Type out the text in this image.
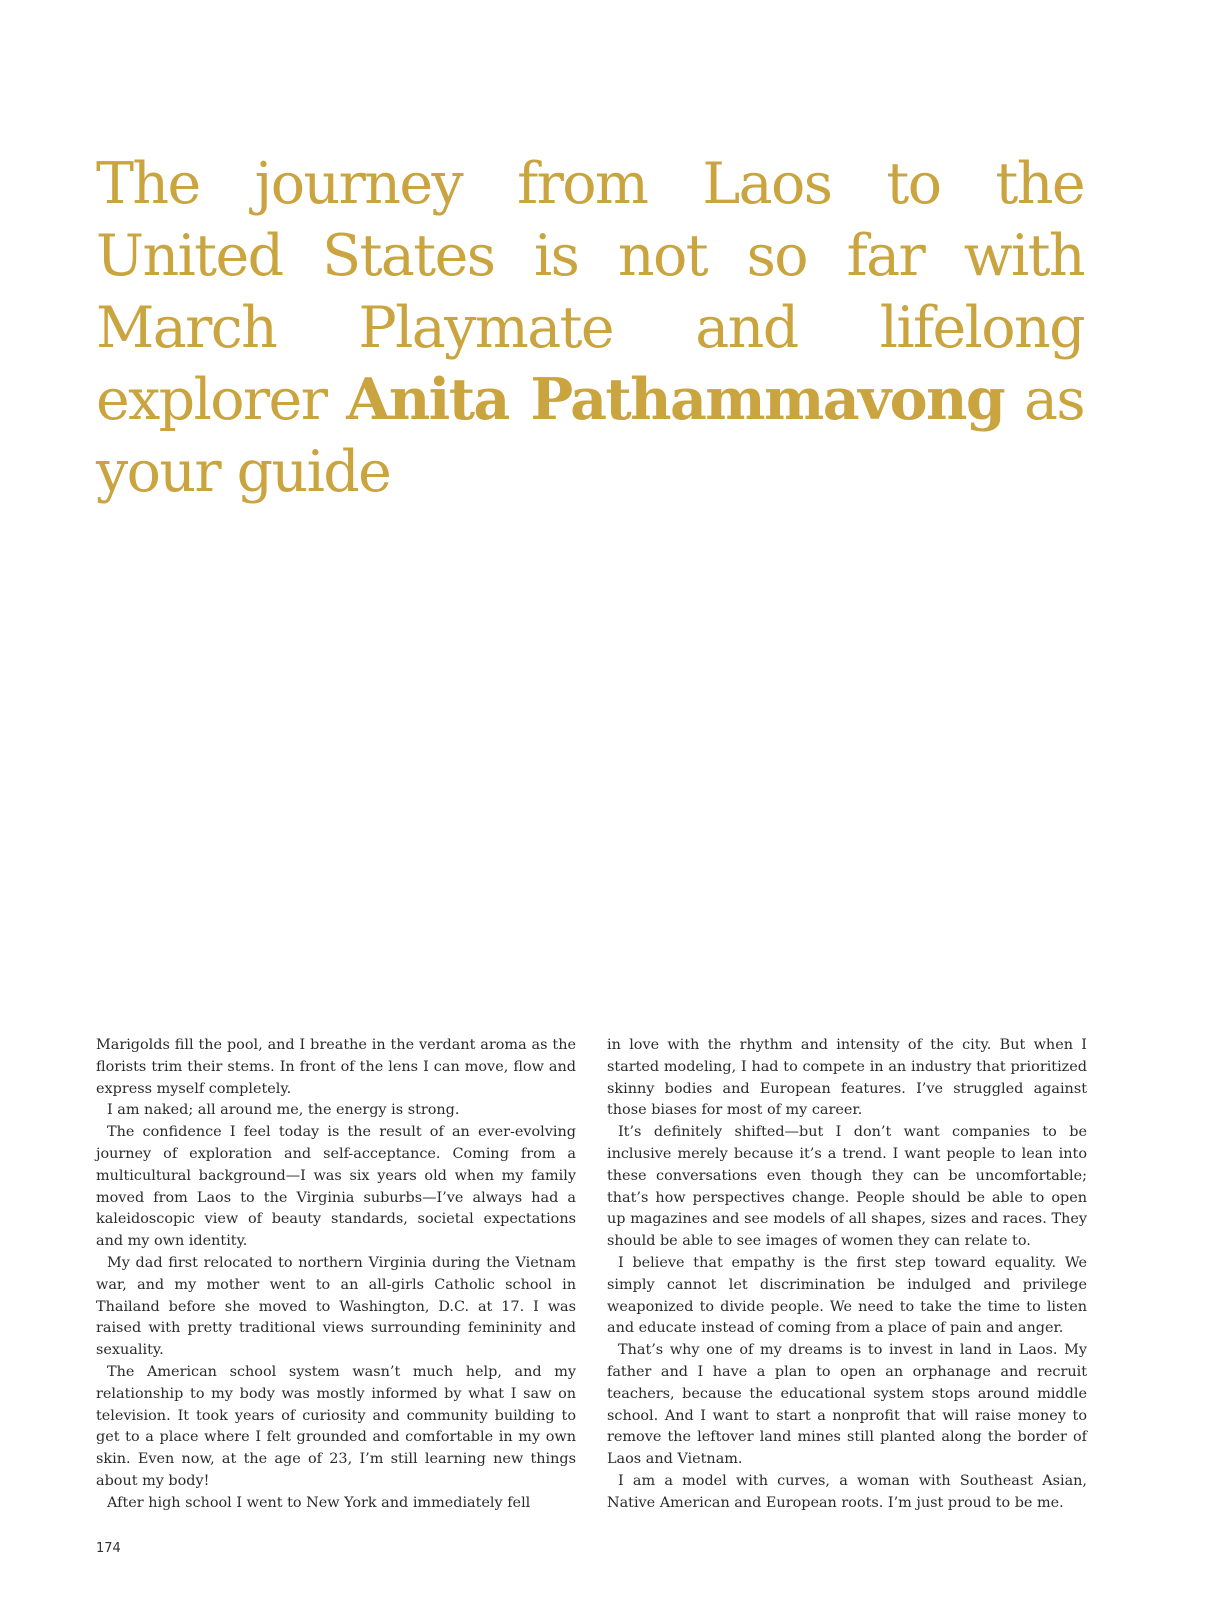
The journey from Laos to the United States is not so far with March Playmate and lifelong explorer Anita Pathammavong as your guide

Marigolds fill the pool, and I breathe in the verdant aroma as the florists trim their stems. In front of the lens I can move, flow and express myself completely.

I am naked; all around me, the energy is strong.

The confidence I feel today is the result of an ever-evolving journey of exploration and self-acceptance. Coming from a multicultural background—I was six years old when my family moved from Laos to the Virginia suburbs—I’ve always had a kaleidoscopic view of beauty standards, societal expectations and my own identity.

My dad first relocated to northern Virginia during the Vietnam war, and my mother went to an all-girls Catholic school in Thailand before she moved to Washington, D.C. at 17. I was raised with pretty traditional views surrounding femininity and sexuality.

The American school system wasn’t much help, and my relationship to my body was mostly informed by what I saw on television. It took years of curiosity and community building to get to a place where I felt grounded and comfortable in my own skin. Even now, at the age of 23, I’m still learning new things about my body!

After high school I went to New York and immediately fell

in love with the rhythm and intensity of the city. But when I started modeling, I had to compete in an industry that prioritized skinny bodies and European features. I’ve struggled against those biases for most of my career.

It’s definitely shifted—but I don’t want companies to be inclusive merely because it’s a trend. I want people to lean into these conversations even though they can be uncomfortable; that’s how perspectives change. People should be able to open up magazines and see models of all shapes, sizes and races. They should be able to see images of women they can relate to.

I believe that empathy is the first step toward equality. We simply cannot let discrimination be indulged and privilege weaponized to divide people. We need to take the time to listen and educate instead of coming from a place of pain and anger.

That’s why one of my dreams is to invest in land in Laos. My father and I have a plan to open an orphanage and recruit teachers, because the educational system stops around middle school. And I want to start a nonprofit that will raise money to remove the leftover land mines still planted along the border of Laos and Vietnam.

I am a model with curves, a woman with Southeast Asian, Native American and European roots. I’m just proud to be me.

174
